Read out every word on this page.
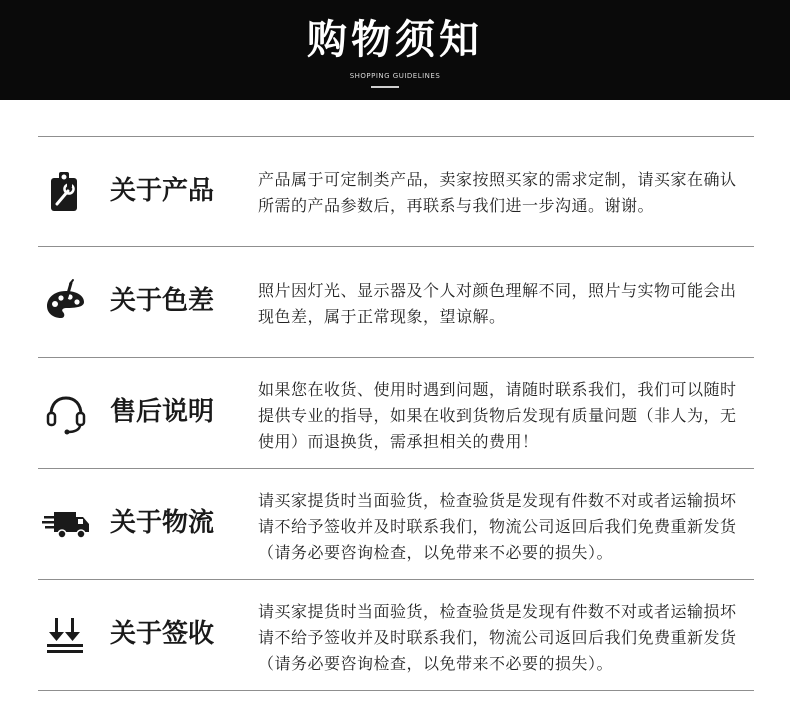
购物须知
SHOPPING GUIDELINES
关于产品	产品属于可定制类产品，卖家按照买家的需求定制，请买家在确认所需的产品参数后，再联系与我们进一步沟通。谢谢。
关于色差	照片因灯光、显示器及个人对颜色理解不同，照片与实物可能会出现色差，属于正常现象，望谅解。
售后说明
如果您在收货、使用时遇到问题，请随时联系我们，我们可以随时提供专业的指导，如果在收到货物后发现有质量问题（非人为，无使用）而退换货，需承担相关的费用！
关于物流
请买家提货时当面验货，检查验货是发现有件数不对或者运输损坏请不给予签收并及时联系我们，物流公司返回后我们免费重新发货（请务必要咨询检查，以免带来不必要的损失）。
关于签收
请买家提货时当面验货，检查验货是发现有件数不对或者运输损坏请不给予签收并及时联系我们，物流公司返回后我们免费重新发货（请务必要咨询检查，以免带来不必要的损失）。
